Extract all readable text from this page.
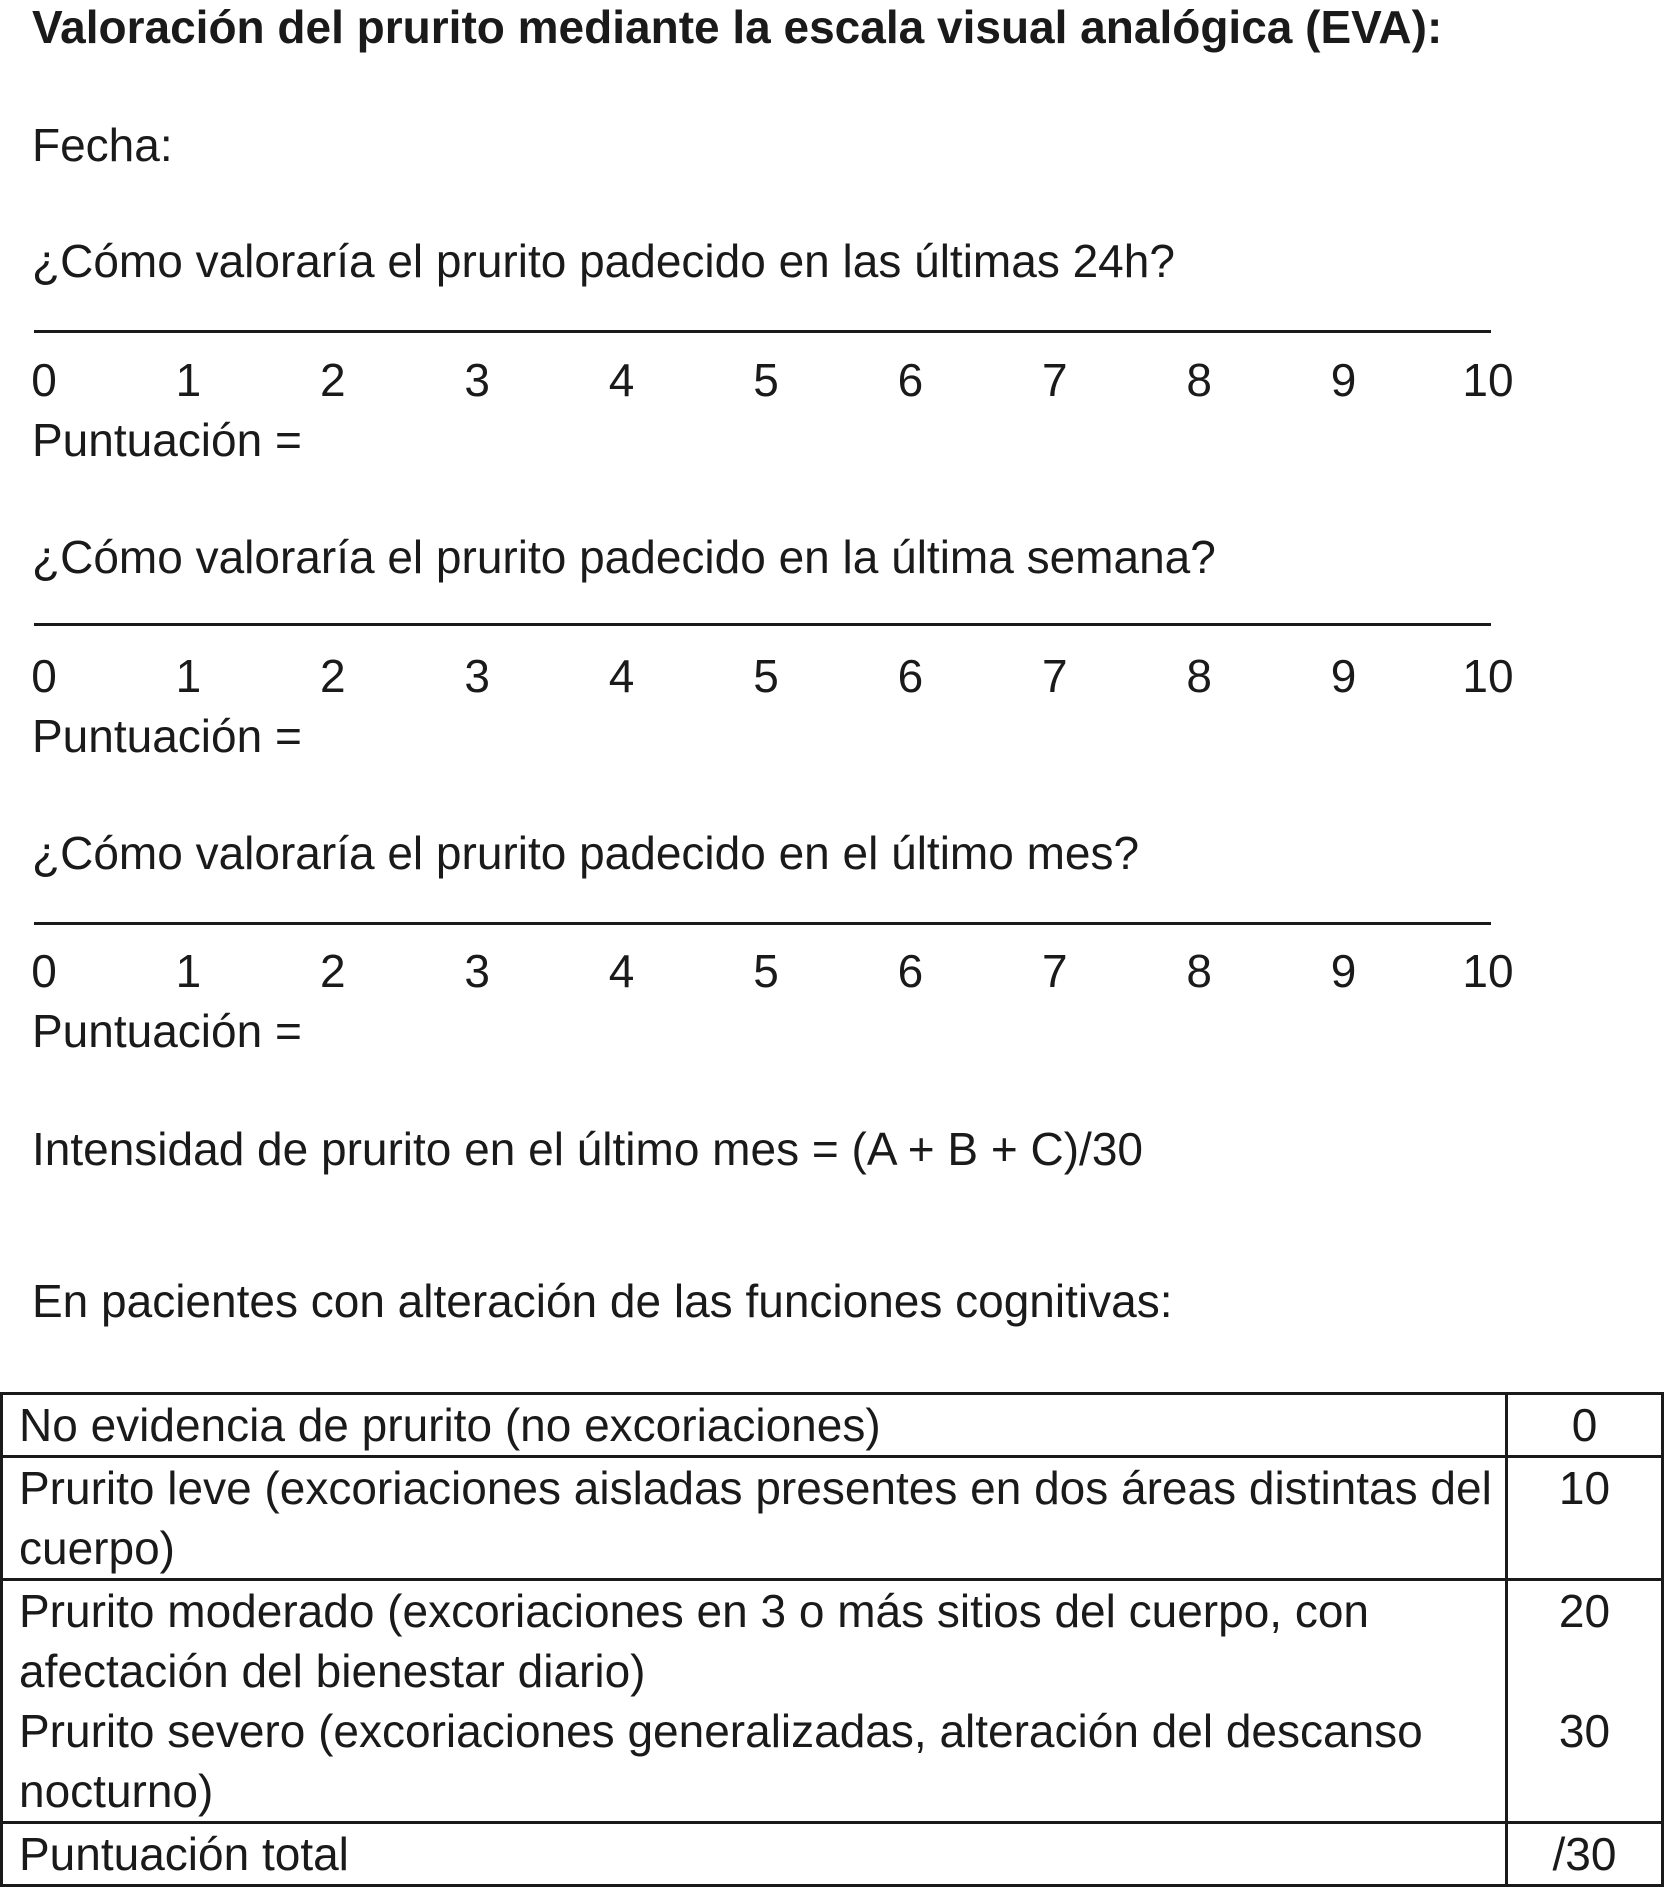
Valoración del prurito mediante la escala visual analógica (EVA):
Fecha:
¿Cómo valoraría el prurito padecido en las últimas 24h?
0	1	2	3	4	5	6	7	8	9 10
Puntuación =
¿Cómo valoraría el prurito padecido en la última semana?
0	1	2	3	4	5	6	7	8	9 10
Puntuación =
¿Cómo valoraría el prurito padecido en el último mes?
0	1	2	3	4	5	6	7	8	9 10
Puntuación =
Intensidad de prurito en el último mes = (A + B + C)/30
En pacientes con alteración de las funciones cognitivas:
No evidencia de prurito (no excoriaciones)	0
Prurito leve (excoriaciones aisladas presentes en dos áreas distintas del cuerpo)	10
Prurito moderado (excoriaciones en 3 o más sitios del cuerpo, con afectación del bienestar diario)	20
Prurito severo (excoriaciones generalizadas, alteración del descanso nocturno)	30
Puntuación total	/30
